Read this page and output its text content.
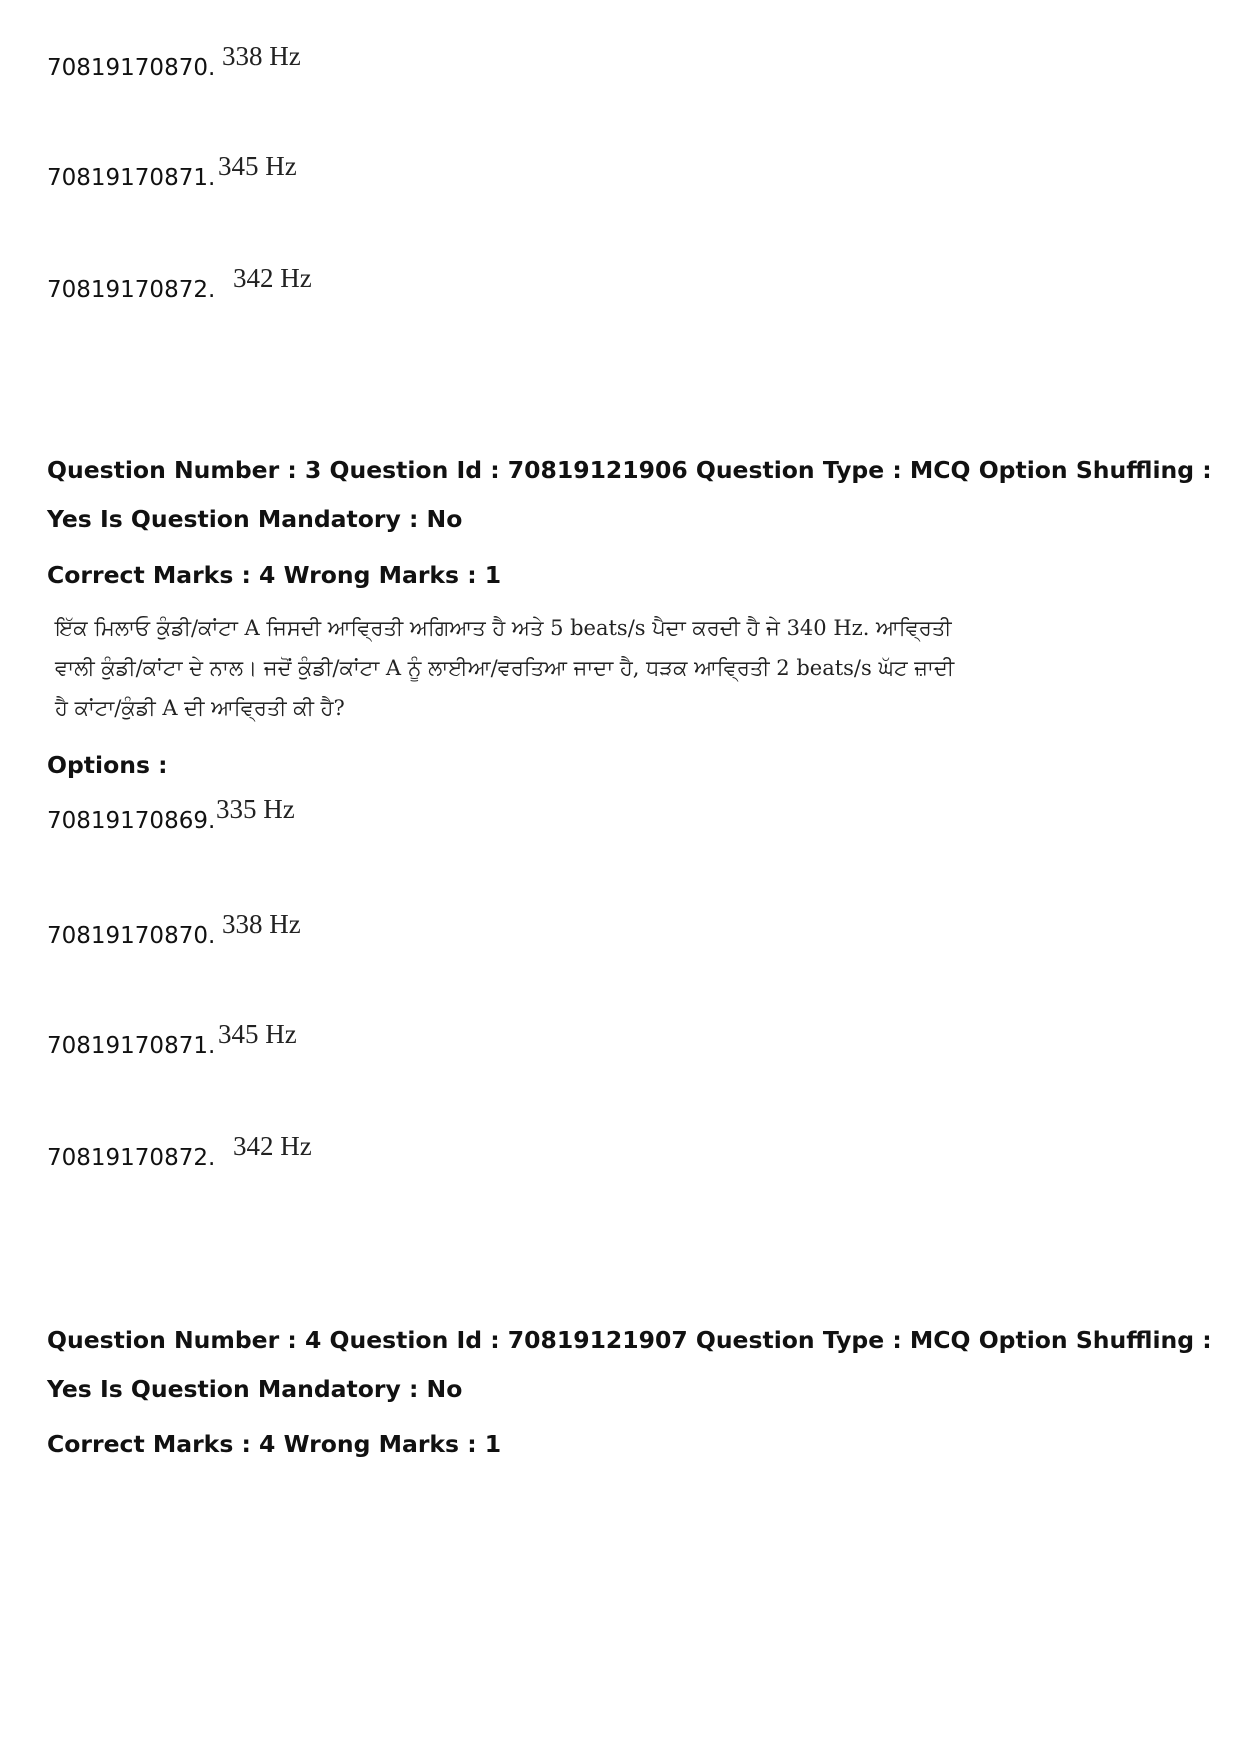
70819170870. 338 Hz
70819170871. 345 Hz
70819170872. 342 Hz
Question Number : 3 Question Id : 70819121906 Question Type : MCQ Option Shuffling : Yes Is Question Mandatory : No
Correct Marks : 4 Wrong Marks : 1
ਇੱਕ ਮਿਲਾਓ ਕੁੰਡੀ/ਕਾਂਟਾ A ਜਿਸਦੀ ਆਵ੍ਰਿਤੀ ਅਗਿਆਤ ਹੈ ਅਤੇ 5 beats/s ਪੈਦਾ ਕਰਦੀ ਹੈ ਜੇ 340 Hz. ਆਵ੍ਰਿਤੀ ਵਾਲੀ ਕੁੰਡੀ/ਕਾਂਟਾ ਦੇ ਨਾਲ। ਜਦੋਂ ਕੁੰਡੀ/ਕਾਂਟਾ A ਨੂੰ ਲਾਈਆ/ਵਰਤਿਆ ਜਾਦਾ ਹੈ, ਧੜਕ ਆਵ੍ਰਿਤੀ 2 beats/s ਘੱਟ ਜ਼ਾਦੀ ਹੈ ਕਾਂਟਾ/ਕੁੰਡੀ A ਦੀ ਆਵ੍ਰਿਤੀ ਕੀ ਹੈ?
Options :
70819170869. 335 Hz
70819170870. 338 Hz
70819170871. 345 Hz
70819170872. 342 Hz
Question Number : 4 Question Id : 70819121907 Question Type : MCQ Option Shuffling : Yes Is Question Mandatory : No
Correct Marks : 4 Wrong Marks : 1
